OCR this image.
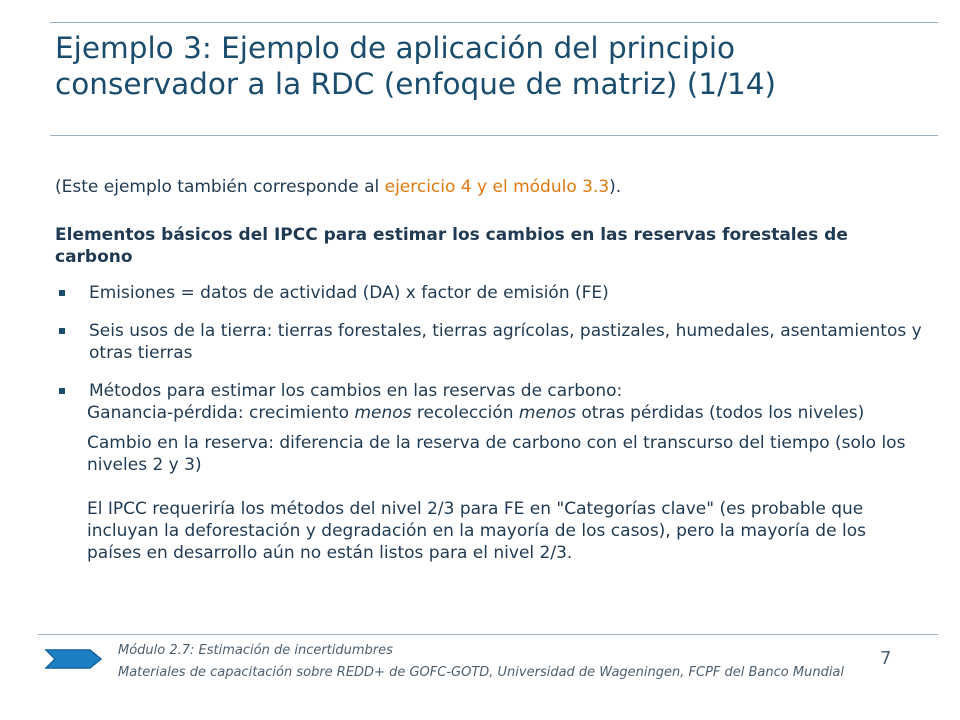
Ejemplo 3: Ejemplo de aplicación del principio conservador a la RDC (enfoque de matriz) (1/14)

(Este ejemplo también corresponde al ejercicio 4 y el módulo 3.3).

Elementos básicos del IPCC para estimar los cambios en las reservas forestales de carbono

Emisiones = datos de actividad (DA) x factor de emisión (FE)

Seis usos de la tierra: tierras forestales, tierras agrícolas, pastizales, humedales, asentamientos y otras tierras

Métodos para estimar los cambios en las reservas de carbono:

Ganancia-pérdida: crecimiento menos recolección menos otras pérdidas (todos los niveles)

Cambio en la reserva: diferencia de la reserva de carbono con el transcurso del tiempo (solo los niveles 2 y 3)

El IPCC requeriría los métodos del nivel 2/3 para FE en "Categorías clave" (es probable que incluyan la deforestación y degradación en la mayoría de los casos), pero la mayoría de los países en desarrollo aún no están listos para el nivel 2/3.

Módulo 2.7: Estimación de incertidumbres
Materiales de capacitación sobre REDD+ de GOFC-GOTD, Universidad de Wageningen, FCPF del Banco Mundial
7
